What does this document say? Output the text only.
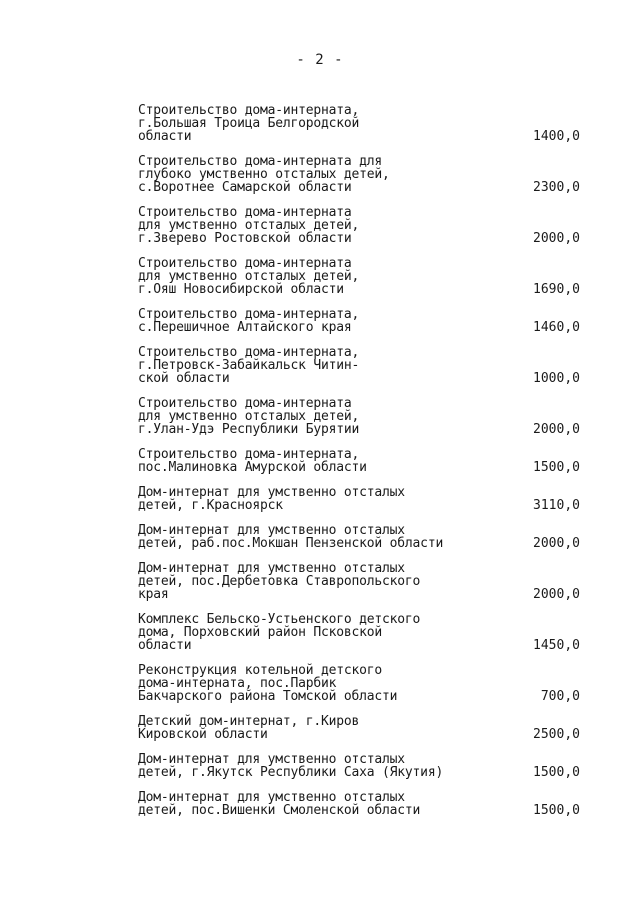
- 2 -
Строительство дома-интерната,
г.Большая Троица Белгородской
области	1400,0
Строительство дома-интерната для
глубоко умственно отсталых детей,
с.Воротнее Самарской области	2300,0
Строительство дома-интерната
для умственно отсталых детей,
г.Зверево Ростовской области	2000,0
Строительство дома-интерната
для умственно отсталых детей,
г.Ояш Новосибирской области	1690,0
Строительство дома-интерната,
с.Перешичное Алтайского края	1460,0
Строительство дома-интерната,
г.Петровск-Забайкальск Читин-
ской области	1000,0
Строительство дома-интерната
для умственно отсталых детей,
г.Улан-Удэ Республики Бурятии	2000,0
Строительство дома-интерната,
пос.Малиновка Амурской области	1500,0
Дом-интернат для умственно отсталых
детей, г.Красноярск	3110,0
Дом-интернат для умственно отсталых
детей, раб.пос.Мокшан Пензенской области	2000,0
Дом-интернат для умственно отсталых
детей, пос.Дербетовка Ставропольского
края	2000,0
Комплекс Бельско-Устьенского детского
дома, Порховский район Псковской
области	1450,0
Реконструкция котельной детского
дома-интерната, пос.Парбик
Бакчарского района Томской области	700,0
Детский дом-интернат, г.Киров
Кировской области	2500,0
Дом-интернат для умственно отсталых
детей, г.Якутск Республики Саха (Якутия)	1500,0
Дом-интернат для умственно отсталых
детей, пос.Вишенки Смоленской области	1500,0
